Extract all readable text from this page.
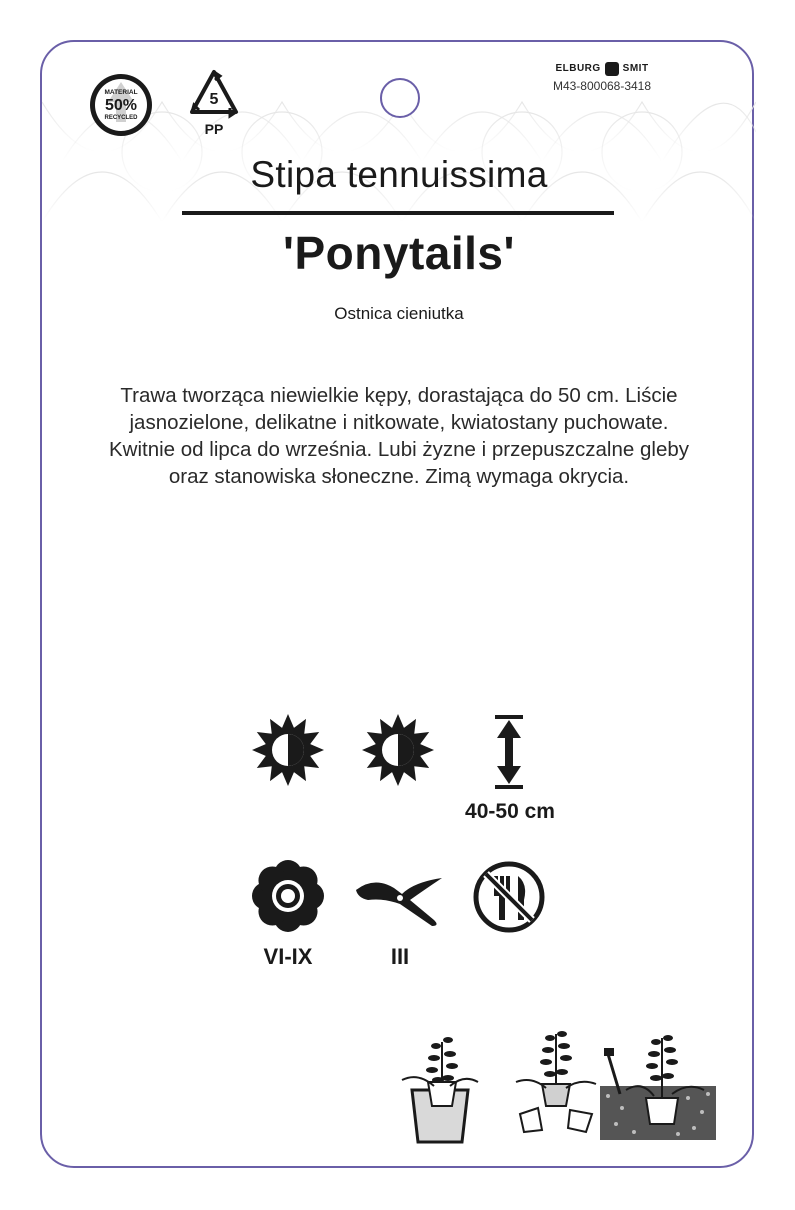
MATERIAL
50%
RECYCLED
5
PP
ELBURG SMIT
M43-800068-3418
Stipa tennuissima
'Ponytails'
Ostnica cieniutka
Trawa tworząca niewielkie kępy, dorastająca do 50 cm. Liście
jasnozielone, delikatne i nitkowate, kwiatostany puchowate.
Kwitnie od lipca do września. Lubi żyzne i przepuszczalne gleby
oraz stanowiska słoneczne. Zimą wymaga okrycia.
40-50 cm
VI-IX	III
